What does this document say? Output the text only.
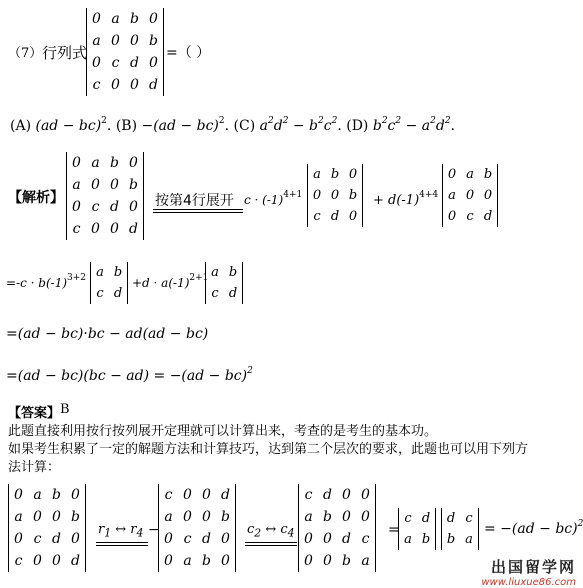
（7） 行列式
0	a	b	0
a	0	0	b
0	c	d	0
c	0	0	d
=（ ）
(A) (ad − bc)$^2$. (B) −(ad − bc)$^2$. (C) $a^2d^2 - b^2c^2$. (D) $b^2c^2 - a^2d^2$.
【解析】
0	a	b	0
a	0	0	b
0	c	d	0
c	0	0	d
按第4行展开 $c \cdot (-1)^{4+1}$
a	b	0
0	0	b
c	d	0
+ $d(-1)^{4+4}$
0	a	b
a	0	0
0	c	d
$=-c \cdot b(-1)^{3+2}$ a	b
c	d
$+d \cdot a(-1)^{2+1}$ a	b
c	d
=(ad − bc)·bc − ad(ad − bc)
=(ad − bc)(bc − ad) = −(ad − bc)$^2$
【答案】 B
此题直接利用按行按列展开定理就可以计算出来，考查的是考生的基本功。
如果考生积累了一定的解题方法和计算技巧，达到第二个层次的要求，此题也可以用下列方
法计算：
0	a	b	0
a	0	0	b
0	c	d	0
c	0	0	d
$r_1$ ↔ $r_4$ −
c	0	0	d
a	0	0	b
0	c	d	0
0	a	b	0
$c_2$ ↔ $c_4$
c	d	0	0
a	b	0	0
0	0	d	c
0	0	b	a
=
c	d
a	b
d	c
b	a
= −(ad − bc)$^2$
出国留学网
www.liuxue86.com
